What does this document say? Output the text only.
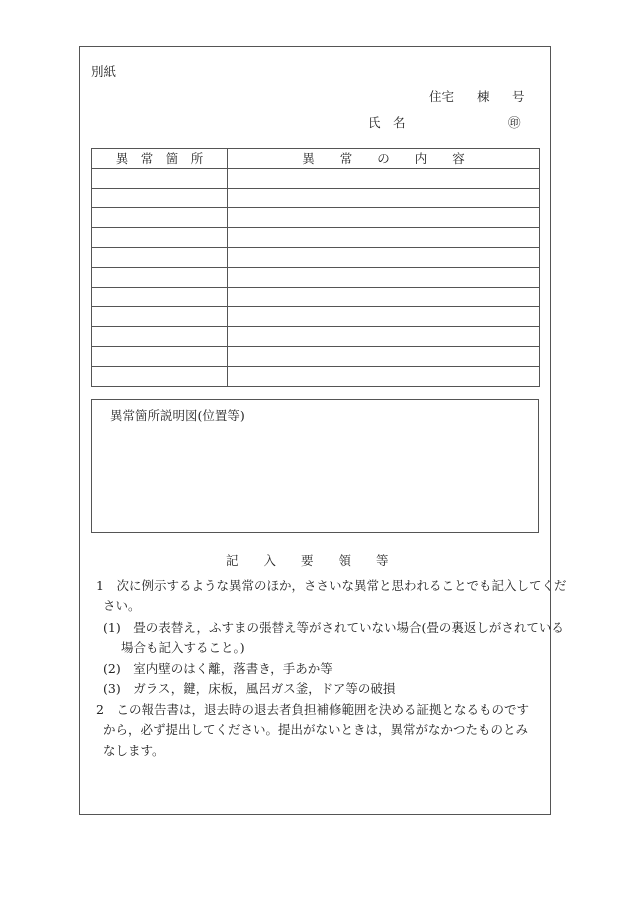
別紙
住宅 棟 号
氏　名	㊞
異　常　箇　所	異　　常　　の　　内　　容

異常箇所説明図(位置等)
記　　入　　要　　領　　等
1　次に例示するような異常のほか，ささいな異常と思われることでも記入してくだ
さい。
(1)　畳の表替え，ふすまの張替え等がされていない場合(畳の裏返しがされている
場合も記入すること。)
(2)　室内壁のはく離，落書き，手あか等
(3)　ガラス，鍵，床板，風呂ガス釜，ドア等の破損
2　この報告書は，退去時の退去者負担補修範囲を決める証拠となるものです
から，必ず提出してください。提出がないときは，異常がなかつたものとみ
なします。
